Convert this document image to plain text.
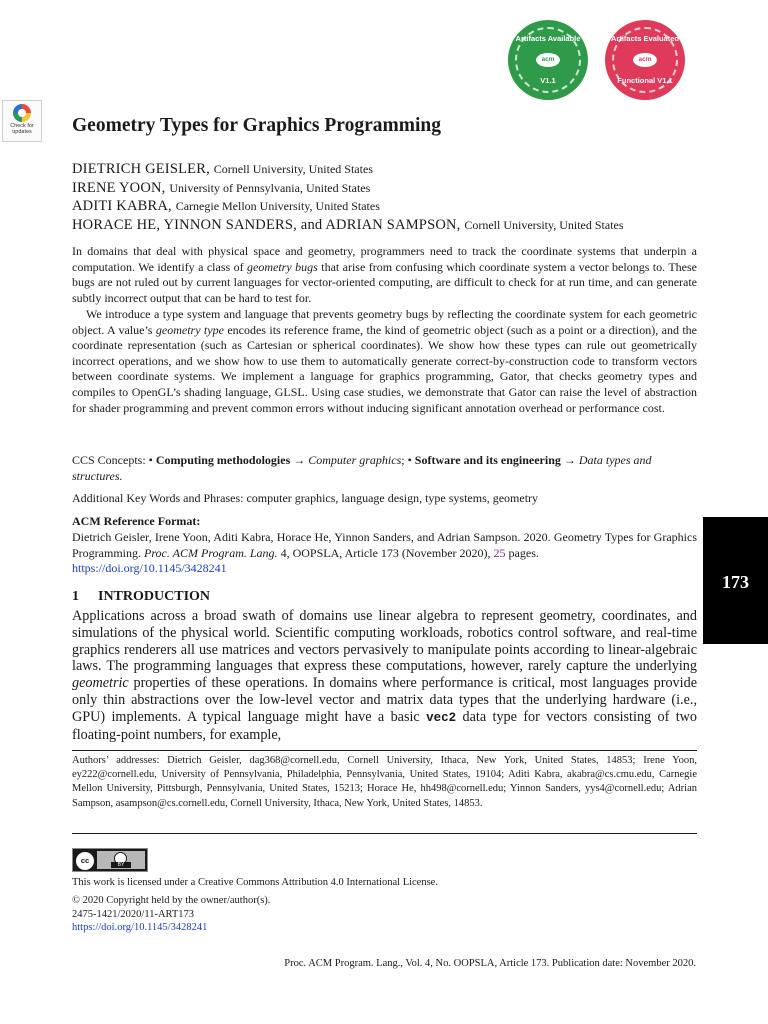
Check for updates
Artifacts Available
acm
V1.1
Artifacts Evaluated
acm
Functional V1.1
Geometry Types for Graphics Programming
DIETRICH GEISLER, Cornell University, United States
IRENE YOON, University of Pennsylvania, United States
ADITI KABRA, Carnegie Mellon University, United States
HORACE HE, YINNON SANDERS, and ADRIAN SAMPSON, Cornell University, United States
In domains that deal with physical space and geometry, programmers need to track the coordinate systems that underpin a computation. We identify a class of geometry bugs that arise from confusing which coordinate system a vector belongs to. These bugs are not ruled out by current languages for vector-oriented computing, are difficult to check for at run time, and can generate subtly incorrect output that can be hard to test for.
We introduce a type system and language that prevents geometry bugs by reflecting the coordinate system for each geometric object. A value’s geometry type encodes its reference frame, the kind of geometric object (such as a point or a direction), and the coordinate representation (such as Cartesian or spherical coordinates). We show how these types can rule out geometrically incorrect operations, and we show how to use them to automatically generate correct-by-construction code to transform vectors between coordinate systems. We implement a language for graphics programming, Gator, that checks geometry types and compiles to OpenGL’s shading language, GLSL. Using case studies, we demonstrate that Gator can raise the level of abstraction for shader programming and prevent common errors without inducing significant annotation overhead or performance cost.
CCS Concepts: • Computing methodologies → Computer graphics; • Software and its engineering → Data types and structures.
Additional Key Words and Phrases: computer graphics, language design, type systems, geometry
ACM Reference Format:
Dietrich Geisler, Irene Yoon, Aditi Kabra, Horace He, Yinnon Sanders, and Adrian Sampson. 2020. Geometry Types for Graphics Programming. Proc. ACM Program. Lang. 4, OOPSLA, Article 173 (November 2020), 25 pages.
https://doi.org/10.1145/3428241
1 INTRODUCTION
Applications across a broad swath of domains use linear algebra to represent geometry, coordinates, and simulations of the physical world. Scientific computing workloads, robotics control software, and real-time graphics renderers all use matrices and vectors pervasively to manipulate points according to linear-algebraic laws. The programming languages that express these computations, however, rarely capture the underlying geometric properties of these operations. In domains where performance is critical, most languages provide only thin abstractions over the low-level vector and matrix data types that the underlying hardware (i.e., GPU) implements. A typical language might have a basic vec2 data type for vectors consisting of two floating-point numbers, for example,
Authors’ addresses: Dietrich Geisler, dag368@cornell.edu, Cornell University, Ithaca, New York, United States, 14853; Irene Yoon, ey222@cornell.edu, University of Pennsylvania, Philadelphia, Pennsylvania, United States, 19104; Aditi Kabra, akabra@cs.cmu.edu, Carnegie Mellon University, Pittsburgh, Pennsylvania, United States, 15213; Horace He, hh498@cornell.edu; Yinnon Sanders, yys4@cornell.edu; Adrian Sampson, asampson@cs.cornell.edu, Cornell University, Ithaca, New York, United States, 14853.
cc	BY
This work is licensed under a Creative Commons Attribution 4.0 International License.
© 2020 Copyright held by the owner/author(s).
2475-1421/2020/11-ART173
https://doi.org/10.1145/3428241
Proc. ACM Program. Lang., Vol. 4, No. OOPSLA, Article 173. Publication date: November 2020.
173
